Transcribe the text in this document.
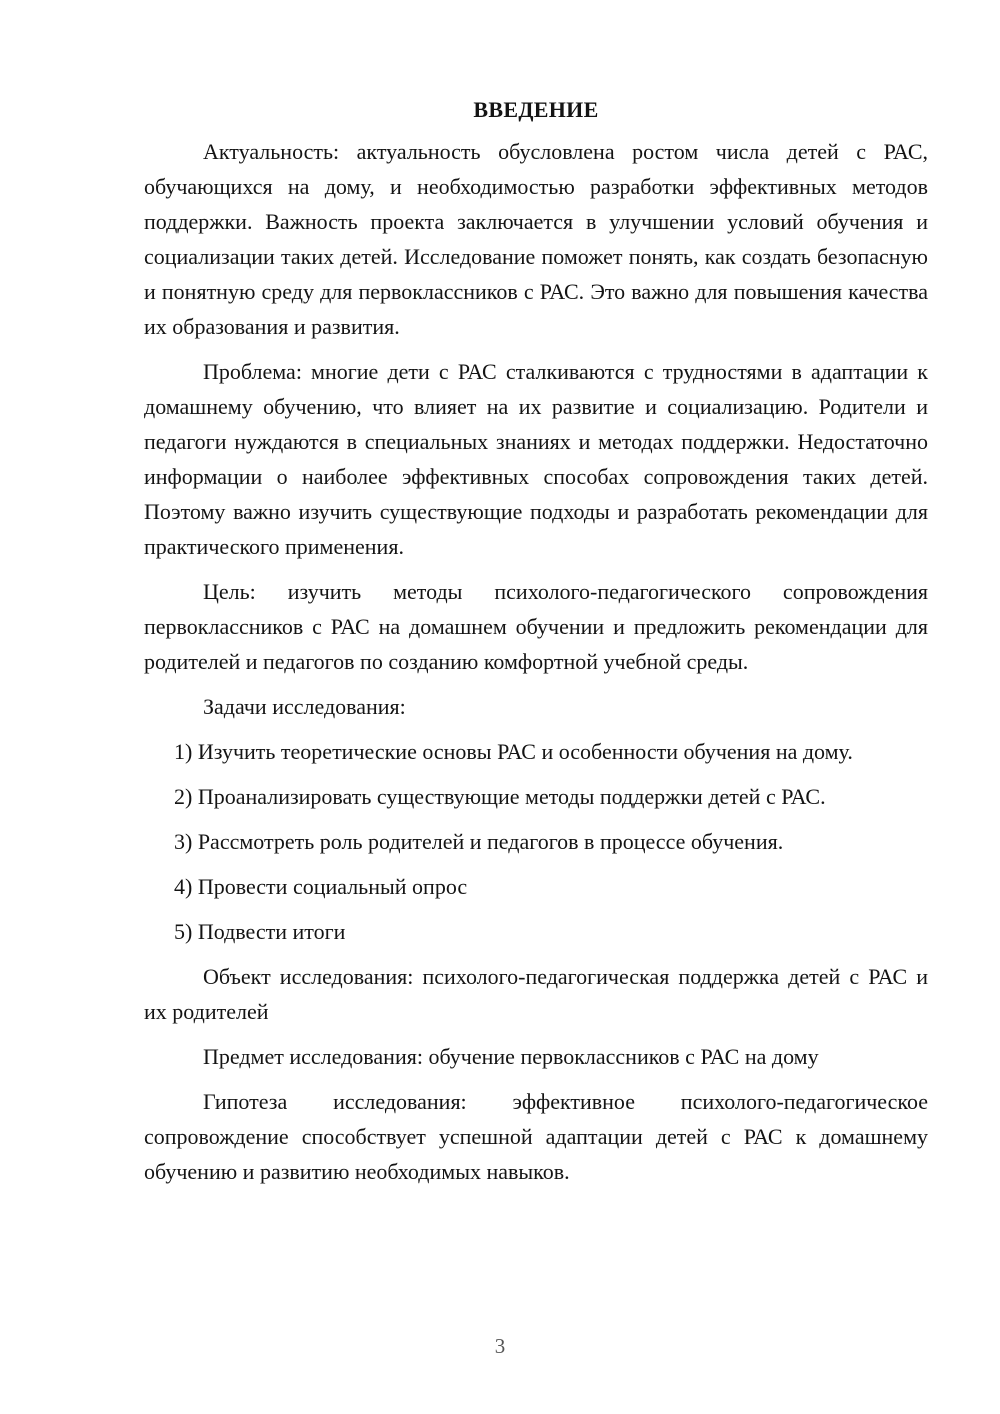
ВВЕДЕНИЕ

Актуальность: актуальность обусловлена ростом числа детей с РАС, обучающихся на дому, и необходимостью разработки эффективных методов поддержки. Важность проекта заключается в улучшении условий обучения и социализации таких детей. Исследование поможет понять, как создать безопасную и понятную среду для первоклассников с РАС. Это важно для повышения качества их образования и развития.

Проблема: многие дети с РАС сталкиваются с трудностями в адаптации к домашнему обучению, что влияет на их развитие и социализацию. Родители и педагоги нуждаются в специальных знаниях и методах поддержки. Недостаточно информации о наиболее эффективных способах сопровождения таких детей. Поэтому важно изучить существующие подходы и разработать рекомендации для практического применения.

Цель: изучить методы психолого-педагогического сопровождения первоклассников с РАС на домашнем обучении и предложить рекомендации для родителей и педагогов по созданию комфортной учебной среды.

Задачи исследования:

1) Изучить теоретические основы РАС и особенности обучения на дому.

2) Проанализировать существующие методы поддержки детей с РАС.

3) Рассмотреть роль родителей и педагогов в процессе обучения.

4) Провести социальный опрос

5) Подвести итоги

Объект исследования: психолого-педагогическая поддержка детей с РАС и их родителей

Предмет исследования: обучение первоклассников с РАС на дому

Гипотеза исследования: эффективное психолого-педагогическое сопровождение способствует успешной адаптации детей с РАС к домашнему обучению и развитию необходимых навыков.

3
